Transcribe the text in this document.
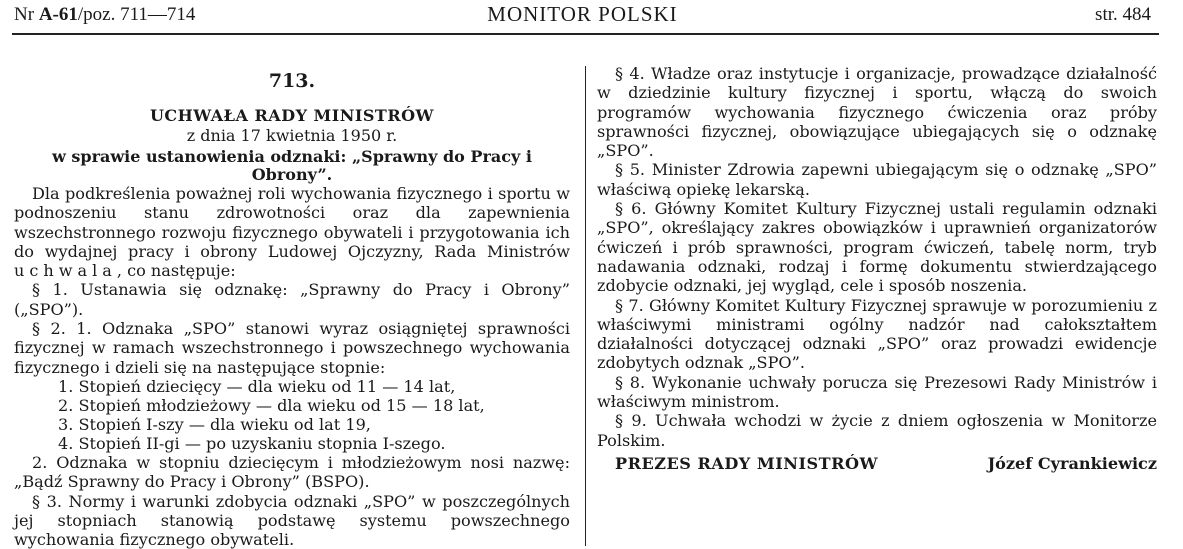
Nr A-61/poz. 711—714	MONITOR POLSKI	str. 484
713.
UCHWAŁA RADY MINISTRÓW
z dnia 17 kwietnia 1950 r.
w sprawie ustanowienia odznaki: „Sprawny do Pracy i Obrony”.

Dla podkreślenia poważnej roli wychowania fizycznego i sportu w podnoszeniu stanu zdrowotności oraz dla zapewnienia wszechstronnego rozwoju fizycznego obywateli i przygotowania ich do wydajnej pracy i obrony Ludowej Ojczyzny, Rada Ministrów uchwala, co następuje:

§ 1. Ustanawia się odznakę: „Sprawny do Pracy i Obrony” („SPO”).

§ 2. 1. Odznaka „SPO” stanowi wyraz osiągniętej sprawności fizycznej w ramach wszechstronnego i powszechnego wychowania fizycznego i dzieli się na następujące stopnie:

1. Stopień dziecięcy — dla wieku od 11 — 14 lat,
2. Stopień młodzieżowy — dla wieku od 15 — 18 lat,
3. Stopień I-szy — dla wieku od lat 19,
4. Stopień II-gi — po uzyskaniu stopnia I-szego.

2. Odznaka w stopniu dziecięcym i młodzieżowym nosi nazwę: „Bądź Sprawny do Pracy i Obrony” (BSPO).

§ 3. Normy i warunki zdobycia odznaki „SPO” w poszczególnych jej stopniach stanowią podstawę systemu powszechnego wychowania fizycznego obywateli.

§ 4. Władze oraz instytucje i organizacje, prowadzące działalność w dziedzinie kultury fizycznej i sportu, włączą do swoich programów wychowania fizycznego ćwiczenia oraz próby sprawności fizycznej, obowiązujące ubiegających się o odznakę „SPO”.

§ 5. Minister Zdrowia zapewni ubiegającym się o odznakę „SPO” właściwą opiekę lekarską.

§ 6. Główny Komitet Kultury Fizycznej ustali regulamin odznaki „SPO”, określający zakres obowiązków i uprawnień organizatorów ćwiczeń i prób sprawności, program ćwiczeń, tabelę norm, tryb nadawania odznaki, rodzaj i formę dokumentu stwierdzającego zdobycie odznaki, jej wygląd, cele i sposób noszenia.

§ 7. Główny Komitet Kultury Fizycznej sprawuje w porozumieniu z właściwymi ministrami ogólny nadzór nad całokształtem działalności dotyczącej odznaki „SPO” oraz prowadzi ewidencje zdobytych odznak „SPO”.

§ 8. Wykonanie uchwały porucza się Prezesowi Rady Ministrów i właściwym ministrom.

§ 9. Uchwała wchodzi w życie z dniem ogłoszenia w Monitorze Polskim.

PREZES RADY MINISTRÓW	Józef Cyrankiewicz
